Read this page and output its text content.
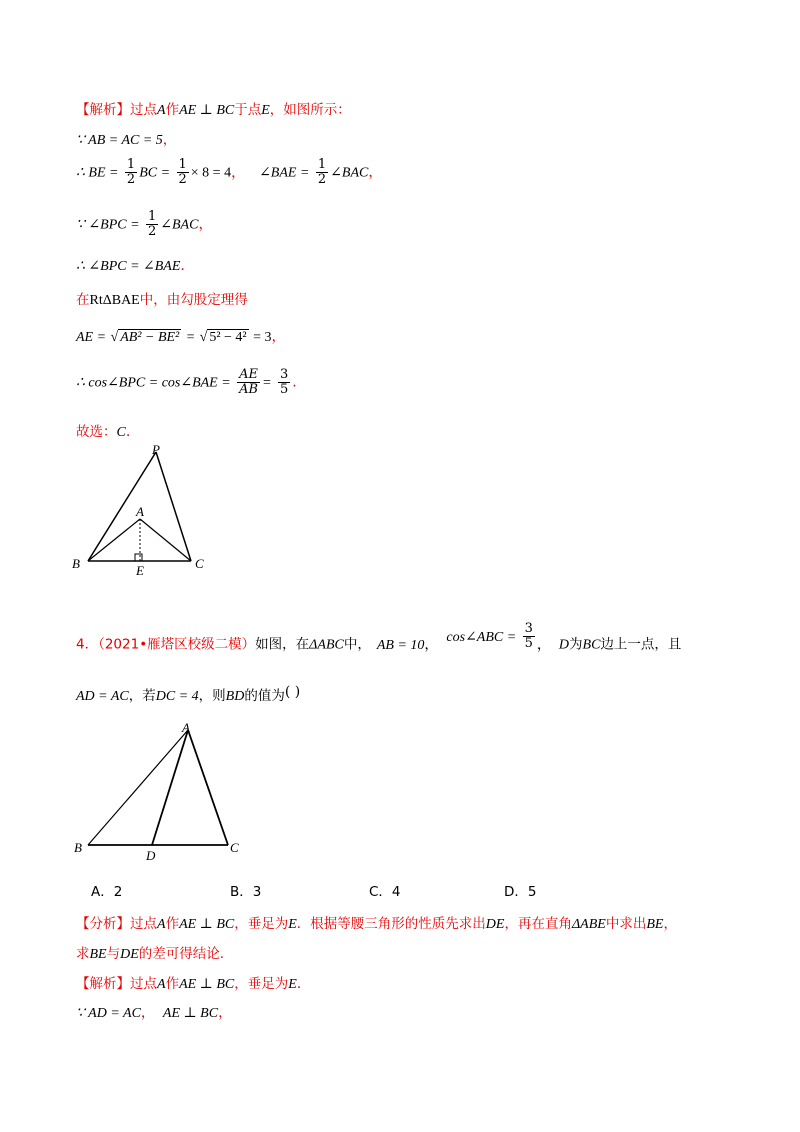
【解析】过点A作AE ⊥ BC于点E，如图所示：
∵ AB = AC = 5，
∴ BE = $\frac{1}{2}$ BC = $\frac{1}{2} \times 8 = 4$， ∠BAE = $\frac{1}{2}$ ∠BAC，
∵ ∠BPC = $\frac{1}{2}$ ∠BAC，
∴ ∠BPC = ∠BAE.
在RtΔBAE中，由勾股定理得
AE = √ AB² − BE² = √ 5² − 4² = 3，
∴ cos∠BPC = cos∠BAE = $\frac{AE}{AB} = \frac{3}{5}$ .
故选：C.
P
A
B	E	C
4．（2021•雁塔区校级二模）如图，在ΔABC中， AB = 10， cos∠ABC = $\frac{3}{5}$ ， D为BC边上一点，且
AD = AC，若DC = 4，则BD的值为( )
A
B
D
C
A．2	B．3	C．4	D．5
【分析】过点A作AE ⊥ BC，垂足为E．根据等腰三角形的性质先求出DE，再在直角ΔABE中求出BE，
求BE与DE的差可得结论.
【解析】过点A作AE ⊥ BC，垂足为E.
∵ AD = AC， AE ⊥ BC，
